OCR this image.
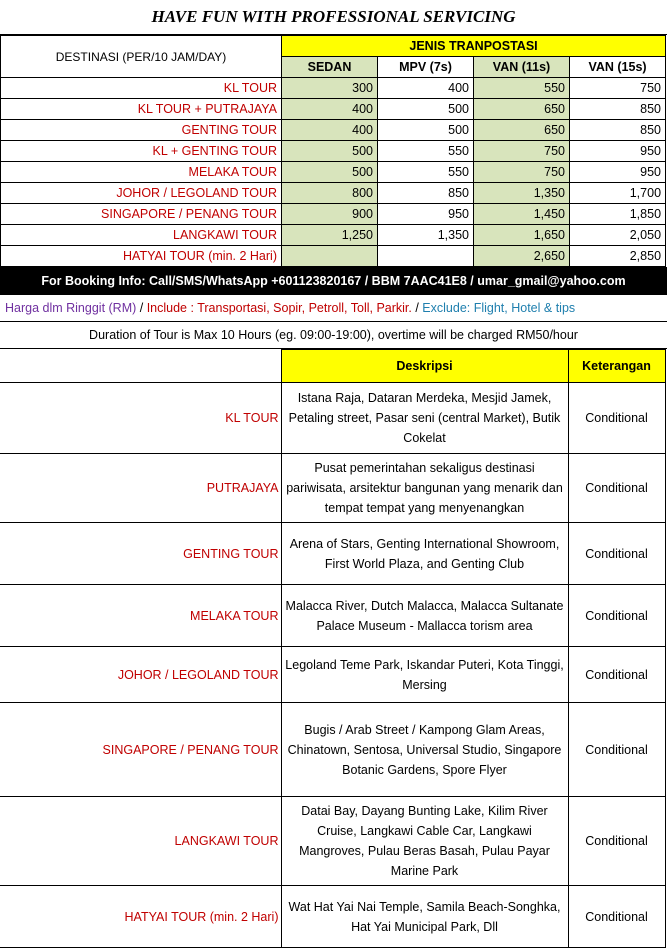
HAVE FUN WITH PROFESSIONAL SERVICING
DESTINASI (PER/10 JAM/DAY)	JENIS TRANPOSTASI			
	SEDAN	MPV (7s)	VAN (11s)	VAN (15s)
KL TOUR	300	400	550	750
KL TOUR + PUTRAJAYA	400	500	650	850
GENTING TOUR	400	500	650	850
KL + GENTING TOUR	500	550	750	950
MELAKA TOUR	500	550	750	950
JOHOR / LEGOLAND TOUR	800	850	1,350	1,700
SINGAPORE / PENANG TOUR	900	950	1,450	1,850
LANGKAWI TOUR	1,250	1,350	1,650	2,050
HATYAI TOUR (min. 2 Hari)			2,650	2,850
For Booking Info: Call/SMS/WhatsApp +601123820167 / BBM 7AAC41E8 / umar_gmail@yahoo.com
Harga dlm Ringgit (RM) / Include : Transportasi, Sopir, Petroll, Toll, Parkir. / Exclude: Flight, Hotel & tips
Duration of Tour is Max 10 Hours (eg. 09:00-19:00), overtime will be charged RM50/hour
	Deskripsi	Keterangan
KL TOUR	Istana Raja, Dataran Merdeka, Mesjid Jamek, Petaling street, Pasar seni (central Market), Butik Cokelat	Conditional
PUTRAJAYA	Pusat pemerintahan sekaligus destinasi pariwisata, arsitektur bangunan yang menarik dan tempat tempat yang menyenangkan	Conditional
GENTING TOUR	Arena of Stars, Genting International Showroom, First World Plaza, and Genting Club	Conditional
MELAKA TOUR	Malacca River, Dutch Malacca, Malacca Sultanate Palace Museum - Mallacca torism area	Conditional
JOHOR / LEGOLAND TOUR	Legoland Teme Park, Iskandar Puteri, Kota Tinggi, Mersing	Conditional
SINGAPORE / PENANG TOUR	Bugis / Arab Street / Kampong Glam Areas, Chinatown, Sentosa, Universal Studio, Singapore Botanic Gardens, Spore Flyer	Conditional
LANGKAWI TOUR	Datai Bay, Dayang Bunting Lake, Kilim River Cruise, Langkawi Cable Car, Langkawi Mangroves, Pulau Beras Basah, Pulau Payar Marine Park	Conditional
HATYAI TOUR (min. 2 Hari)	Wat Hat Yai Nai Temple, Samila Beach-Songhka, Hat Yai Municipal Park, Dll	Conditional
